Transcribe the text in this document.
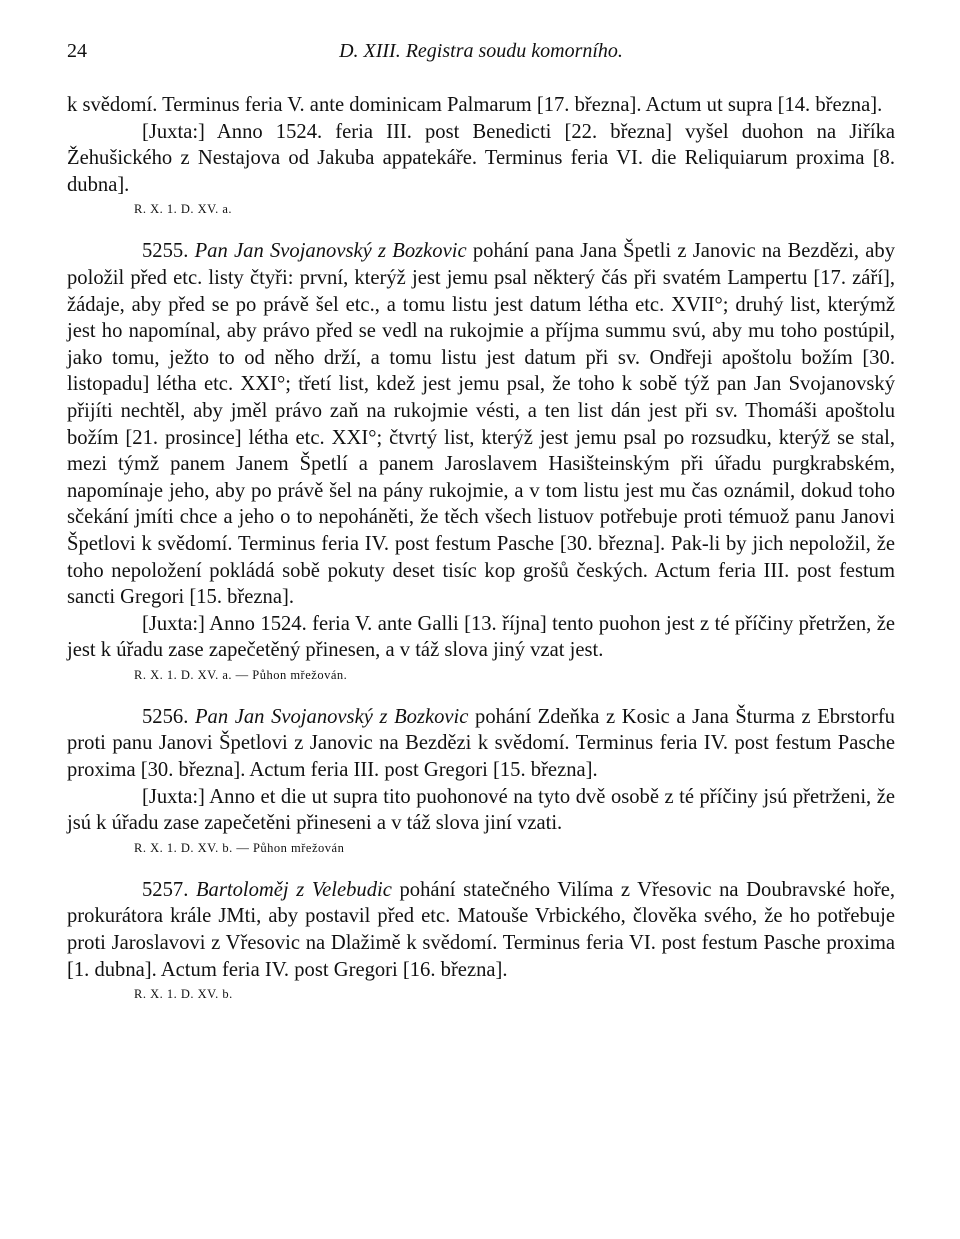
24	D. XIII. Registra soudu komorního.

k svědomí. Terminus feria V. ante dominicam Palmarum [17. března]. Actum ut supra [14. března].

[Juxta:] Anno 1524. feria III. post Benedicti [22. března] vyšel duohon na Jiříka Žehušického z Nestajova od Jakuba appatekáře. Terminus feria VI. die Reliquiarum proxima [8. dubna].

R. X. 1. D. XV. a.

5255. Pan Jan Svojanovský z Bozkovic pohání pana Jana Špetli z Janovic na Bezdězi, aby položil před etc. listy čtyři: první, kterýž jest jemu psal některý čás při svatém Lampertu [17. září], žádaje, aby před se po právě šel etc., a tomu listu jest datum létha etc. XVII°; druhý list, kterýmž jest ho napomínal, aby právo před se vedl na rukojmie a příjma summu svú, aby mu toho postúpil, jako tomu, ježto to od něho drží, a tomu listu jest datum při sv. Ondřeji apoštolu božím [30. listopadu] létha etc. XXI°; třetí list, kdež jest jemu psal, že toho k sobě týž pan Jan Svojanovský přijíti nechtěl, aby jměl právo zaň na rukojmie vésti, a ten list dán jest při sv. Thomáši apoštolu božím [21. prosince] létha etc. XXI°; čtvrtý list, kterýž jest jemu psal po rozsudku, kterýž se stal, mezi týmž panem Janem Špetlí a panem Jaroslavem Hasišteinským při úřadu purgkrabském, napomínaje jeho, aby po právě šel na pány rukojmie, a v tom listu jest mu čas oznámil, dokud toho sčekání jmíti chce a jeho o to nepoháněti, že těch všech listuov potřebuje proti témuož panu Janovi Špetlovi k svědomí. Terminus feria IV. post festum Pasche [30. března]. Pak-li by jich nepoložil, že toho nepoložení pokládá sobě pokuty deset tisíc kop grošů českých. Actum feria III. post festum sancti Gregori [15. března].

[Juxta:] Anno 1524. feria V. ante Galli [13. října] tento puohon jest z té příčiny přetržen, že jest k úřadu zase zapečetěný přinesen, a v táž slova jiný vzat jest.

R. X. 1. D. XV. a. — Půhon mřežován.

5256. Pan Jan Svojanovský z Bozkovic pohání Zdeňka z Kosic a Jana Šturma z Ebrstorfu proti panu Janovi Špetlovi z Janovic na Bezdězi k svědomí. Terminus feria IV. post festum Pasche proxima [30. března]. Actum feria III. post Gregori [15. března].

[Juxta:] Anno et die ut supra tito puohonové na tyto dvě osobě z té příčiny jsú přetrženi, že jsú k úřadu zase zapečetěni přineseni a v táž slova jiní vzati.

R. X. 1. D. XV. b. — Půhon mřežován

5257. Bartoloměj z Velebudic pohání statečného Vilíma z Vřesovic na Doubravské hoře, prokurátora krále JMti, aby postavil před etc. Matouše Vrbického, člověka svého, že ho potřebuje proti Jaroslavovi z Vřesovic na Dlažimě k svědomí. Terminus feria VI. post festum Pasche proxima [1. dubna]. Actum feria IV. post Gregori [16. března].

R. X. 1. D. XV. b.
